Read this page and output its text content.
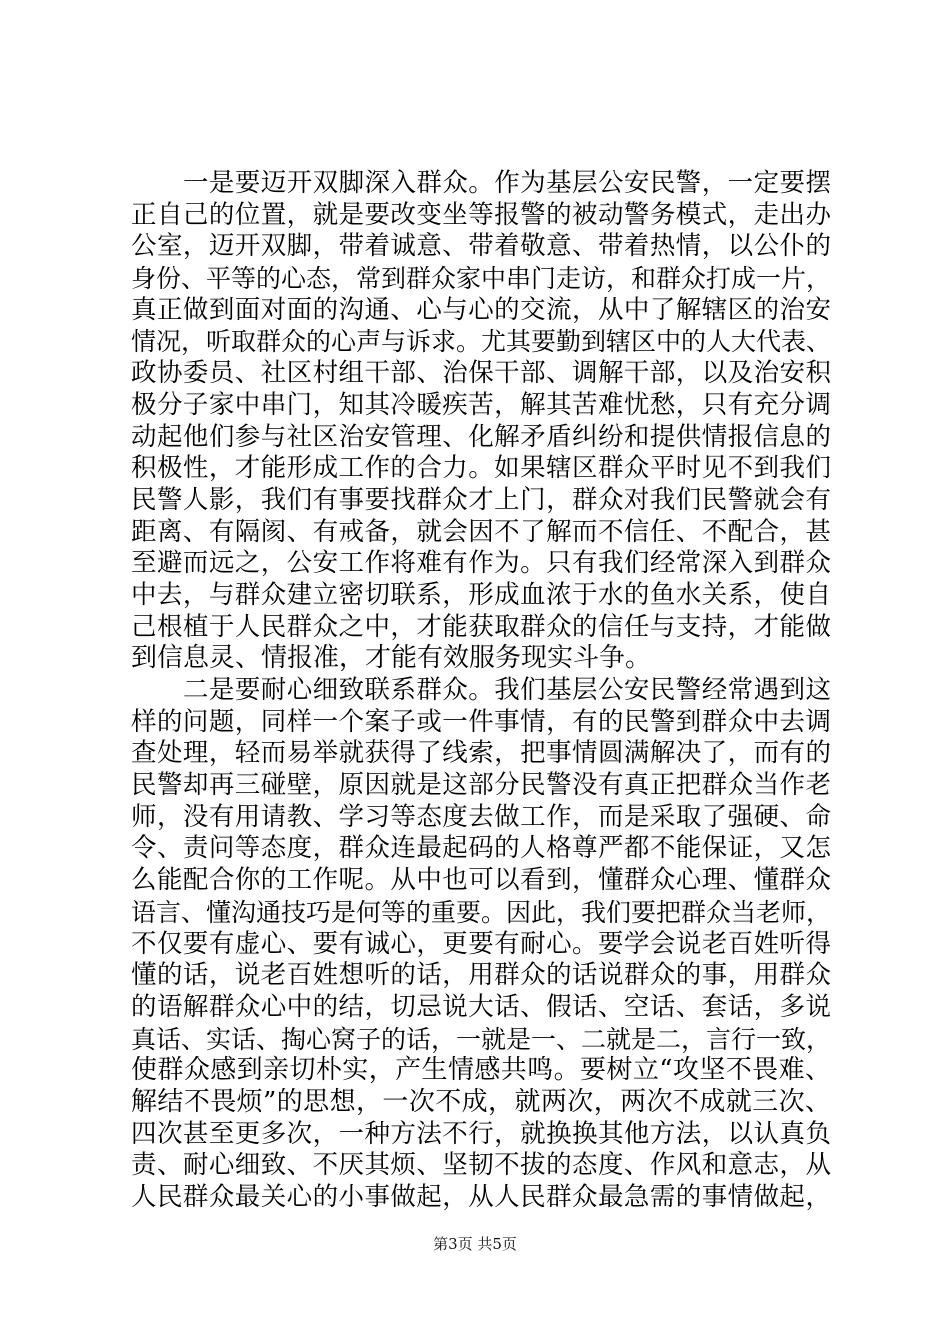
一是要迈开双脚深入群众。作为基层公安民警，一定要摆
正自己的位置，就是要改变坐等报警的被动警务模式，走出办
公室，迈开双脚，带着诚意、带着敬意、带着热情，以公仆的
身份、平等的心态，常到群众家中串门走访，和群众打成一片，
真正做到面对面的沟通、心与心的交流，从中了解辖区的治安
情况，听取群众的心声与诉求。尤其要勤到辖区中的人大代表、
政协委员、社区村组干部、治保干部、调解干部，以及治安积
极分子家中串门，知其冷暖疾苦，解其苦难忧愁，只有充分调
动起他们参与社区治安管理、化解矛盾纠纷和提供情报信息的
积极性，才能形成工作的合力。如果辖区群众平时见不到我们
民警人影，我们有事要找群众才上门，群众对我们民警就会有
距离、有隔阂、有戒备，就会因不了解而不信任、不配合，甚
至避而远之，公安工作将难有作为。只有我们经常深入到群众
中去，与群众建立密切联系，形成血浓于水的鱼水关系，使自
己根植于人民群众之中，才能获取群众的信任与支持，才能做
到信息灵、情报准，才能有效服务现实斗争。
二是要耐心细致联系群众。我们基层公安民警经常遇到这
样的问题，同样一个案子或一件事情，有的民警到群众中去调
查处理，轻而易举就获得了线索，把事情圆满解决了，而有的
民警却再三碰壁，原因就是这部分民警没有真正把群众当作老
师，没有用请教、学习等态度去做工作，而是采取了强硬、命
令、责问等态度，群众连最起码的人格尊严都不能保证，又怎
么能配合你的工作呢。从中也可以看到，懂群众心理、懂群众
语言、懂沟通技巧是何等的重要。因此，我们要把群众当老师，
不仅要有虚心、要有诚心，更要有耐心。要学会说老百姓听得
懂的话，说老百姓想听的话，用群众的话说群众的事，用群众
的语解群众心中的结，切忌说大话、假话、空话、套话，多说
真话、实话、掏心窝子的话，一就是一、二就是二，言行一致，
使群众感到亲切朴实，产生情感共鸣。要树立“攻坚不畏难、
解结不畏烦”的思想，一次不成，就两次，两次不成就三次、
四次甚至更多次，一种方法不行，就换换其他方法，以认真负
责、耐心细致、不厌其烦、坚韧不拔的态度、作风和意志，从
人民群众最关心的小事做起，从人民群众最急需的事情做起，
第3页 共5页
